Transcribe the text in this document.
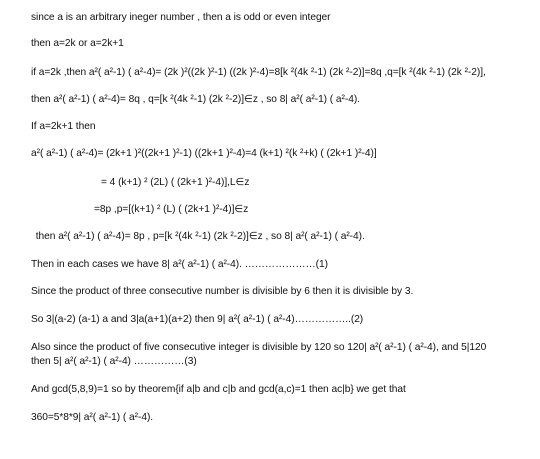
since a is an arbitrary ineger number , then a is odd or even integer
then a=2k or a=2k+1
if a=2k ,then a²( a²-1) ( a²-4)= (2k )²((2k )²-1) ((2k )²-4)=8[k ²(4k ²-1) (2k ²-2)]=8q ,q=[k ²(4k ²-1) (2k ²-2)],
then a²( a²-1) ( a²-4)= 8q , q=[k ²(4k ²-1) (2k ²-2)]∈z , so 8| a²( a²-1) ( a²-4).
If a=2k+1 then
a²( a²-1) ( a²-4)= (2k+1 )²((2k+1 )²-1) ((2k+1 )²-4)=4 (k+1) ²(k ²+k) ( (2k+1 )²-4)]
= 4 (k+1) ² (2L) ( (2k+1 )²-4)],L∈z
=8p ,p=[(k+1) ² (L) ( (2k+1 )²-4)]∈z
then a²( a²-1) ( a²-4)= 8p , p=[k ²(4k ²-1) (2k ²-2)]∈z , so 8| a²( a²-1) ( a²-4).
Then in each cases we have 8| a²( a²-1) ( a²-4). …………………(1)
Since the product of three consecutive number is divisible by 6 then it is divisible by 3.
So 3|(a-2) (a-1) a and 3|a(a+1)(a+2) then 9| a²( a²-1) ( a²-4)……………..(2)
Also since the product of five consecutive integer is divisible by 120 so 120| a²( a²-1) ( a²-4), and 5|120
then 5| a²( a²-1) ( a²-4) ……………(3)
And gcd(5,8,9)=1 so by theorem{if a|b and c|b and gcd(a,c)=1 then ac|b} we get that
360=5*8*9| a²( a²-1) ( a²-4).
